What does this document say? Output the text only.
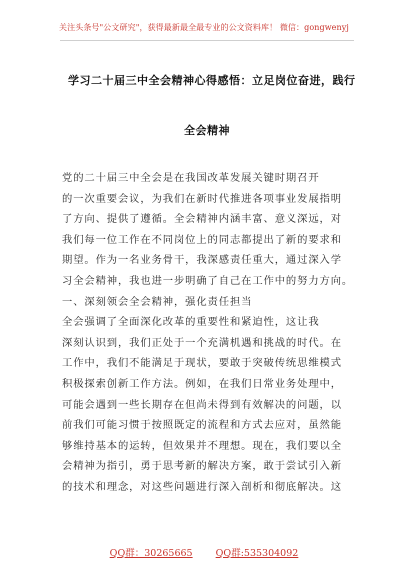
关注头条号"公文研究"，获得最新最全最专业的公文资料库！ 微信：gongwenyj
学习二十届三中全会精神心得感悟：立足岗位奋进，践行
全会精神
党的二十届三中全会是在我国改革发展关键时期召开
的一次重要会议，为我们在新时代推进各项事业发展指明
了方向、提供了遵循。全会精神内涵丰富、意义深远，对
我们每一位工作在不同岗位上的同志都提出了新的要求和
期望。作为一名业务骨干，我深感责任重大，通过深入学
习全会精神，我也进一步明确了自己在工作中的努力方向。
一、深刻领会全会精神，强化责任担当
全会强调了全面深化改革的重要性和紧迫性，这让我
深刻认识到，我们正处于一个充满机遇和挑战的时代。在
工作中，我们不能满足于现状，要敢于突破传统思维模式
积极探索创新工作方法。例如，在我们日常业务处理中，
可能会遇到一些长期存在但尚未得到有效解决的问题，以
前我们可能习惯于按照既定的流程和方式去应对，虽然能
够维持基本的运转，但效果并不理想。现在，我们要以全
会精神为指引，勇于思考新的解决方案，敢于尝试引入新
的技术和理念，对这些问题进行深入剖析和彻底解决。这
QQ群：30265665 QQ群:535304092
